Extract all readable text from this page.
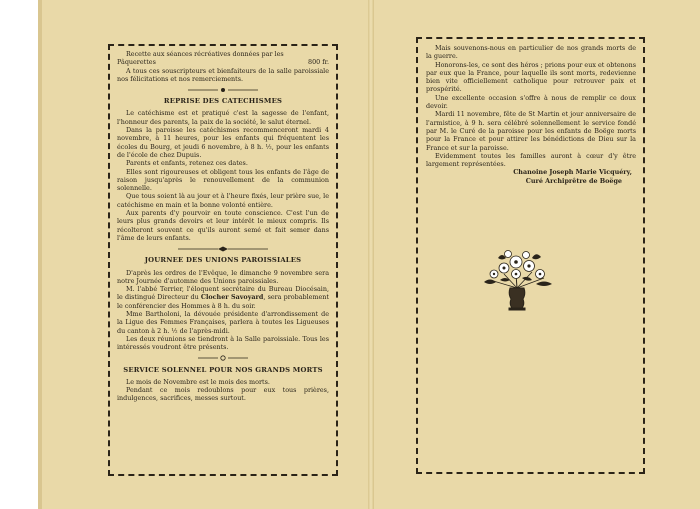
Recette aux séances récréatives données par les

Pâquerettes	800 fr.

A tous ces souscripteurs et bienfaiteurs de la salle paroissiale nos félicitations et nos remerciements.

REPRISE DES CATECHISMES

Le catéchisme est et pratiqué c'est la sagesse de l'enfant, l'honneur des parents, la paix de la société, le salut éternel.

Dans la paroisse les catéchismes recommenceront mardi 4 novembre, à 11 heures, pour les enfants qui fréquentent les écoles du Bourg, et jeudi 6 novembre, à 8 h. ½, pour les enfants de l'école de chez Dupuis.

Parents et enfants, retenez ces dates.

Elles sont rigoureuses et obligent tous les enfants de l'âge de raison jusqu'après le renouvellement de la communion solennelle.

Que tous soient là au jour et à l'heure fixés, leur prière sue, le catéchisme en main et la bonne volonté entière.

Aux parents d'y pourvoir en toute conscience. C'est l'un de leurs plus grands devoirs et leur intérêt le mieux compris. Ils récolteront souvent ce qu'ils auront semé et fait semer dans l'âme de leurs enfants.

JOURNEE DES UNIONS PAROISSIALES

D'après les ordres de l'Evêque, le dimanche 9 novembre sera notre Journée d'automne des Unions paroissiales.

M. l'abbé Terrier, l'éloquent secrétaire du Bureau Diocésain, le distingué Directeur du Clocher Savoyard, sera probablement le conférencier des Hommes à 8 h. du soir.

Mme Bartholoni, la dévouée présidente d'arrondissement de la Ligue des Femmes Françaises, parlera à toutes les Ligueuses du canton à 2 h. ½ de l'après-midi.

Les deux réunions se tiendront à la Salle paroissiale. Tous les intéressés voudront être présents.

SERVICE SOLENNEL POUR NOS GRANDS MORTS

Le mois de Novembre est le mois des morts.

Pendant ce mois redoublons pour eux tous prières, indulgences, sacrifices, messes surtout.

Mais souvenons-nous en particulier de nos grands morts de la guerre.

Honorons-les, ce sont des héros ; prions pour eux et obtenons par eux que la France, pour laquelle ils sont morts, redevienne bien vite officiellement catholique pour retrouver paix et prospérité.

Une excellente occasion s'offre à nous de remplir ce doux devoir.

Mardi 11 novembre, fête de St Martin et jour anniversaire de l'armistice, à 9 h. sera célébré solennellement le service fondé par M. le Curé de la paroisse pour les enfants de Boëge morts pour la France et pour attirer les bénédictions de Dieu sur la France et sur la paroisse.

Evidemment toutes les familles auront à cœur d'y être largement représentées.

Chanoine Joseph Marie Vicquéry,
Curé Archiprêtre de Boëge
